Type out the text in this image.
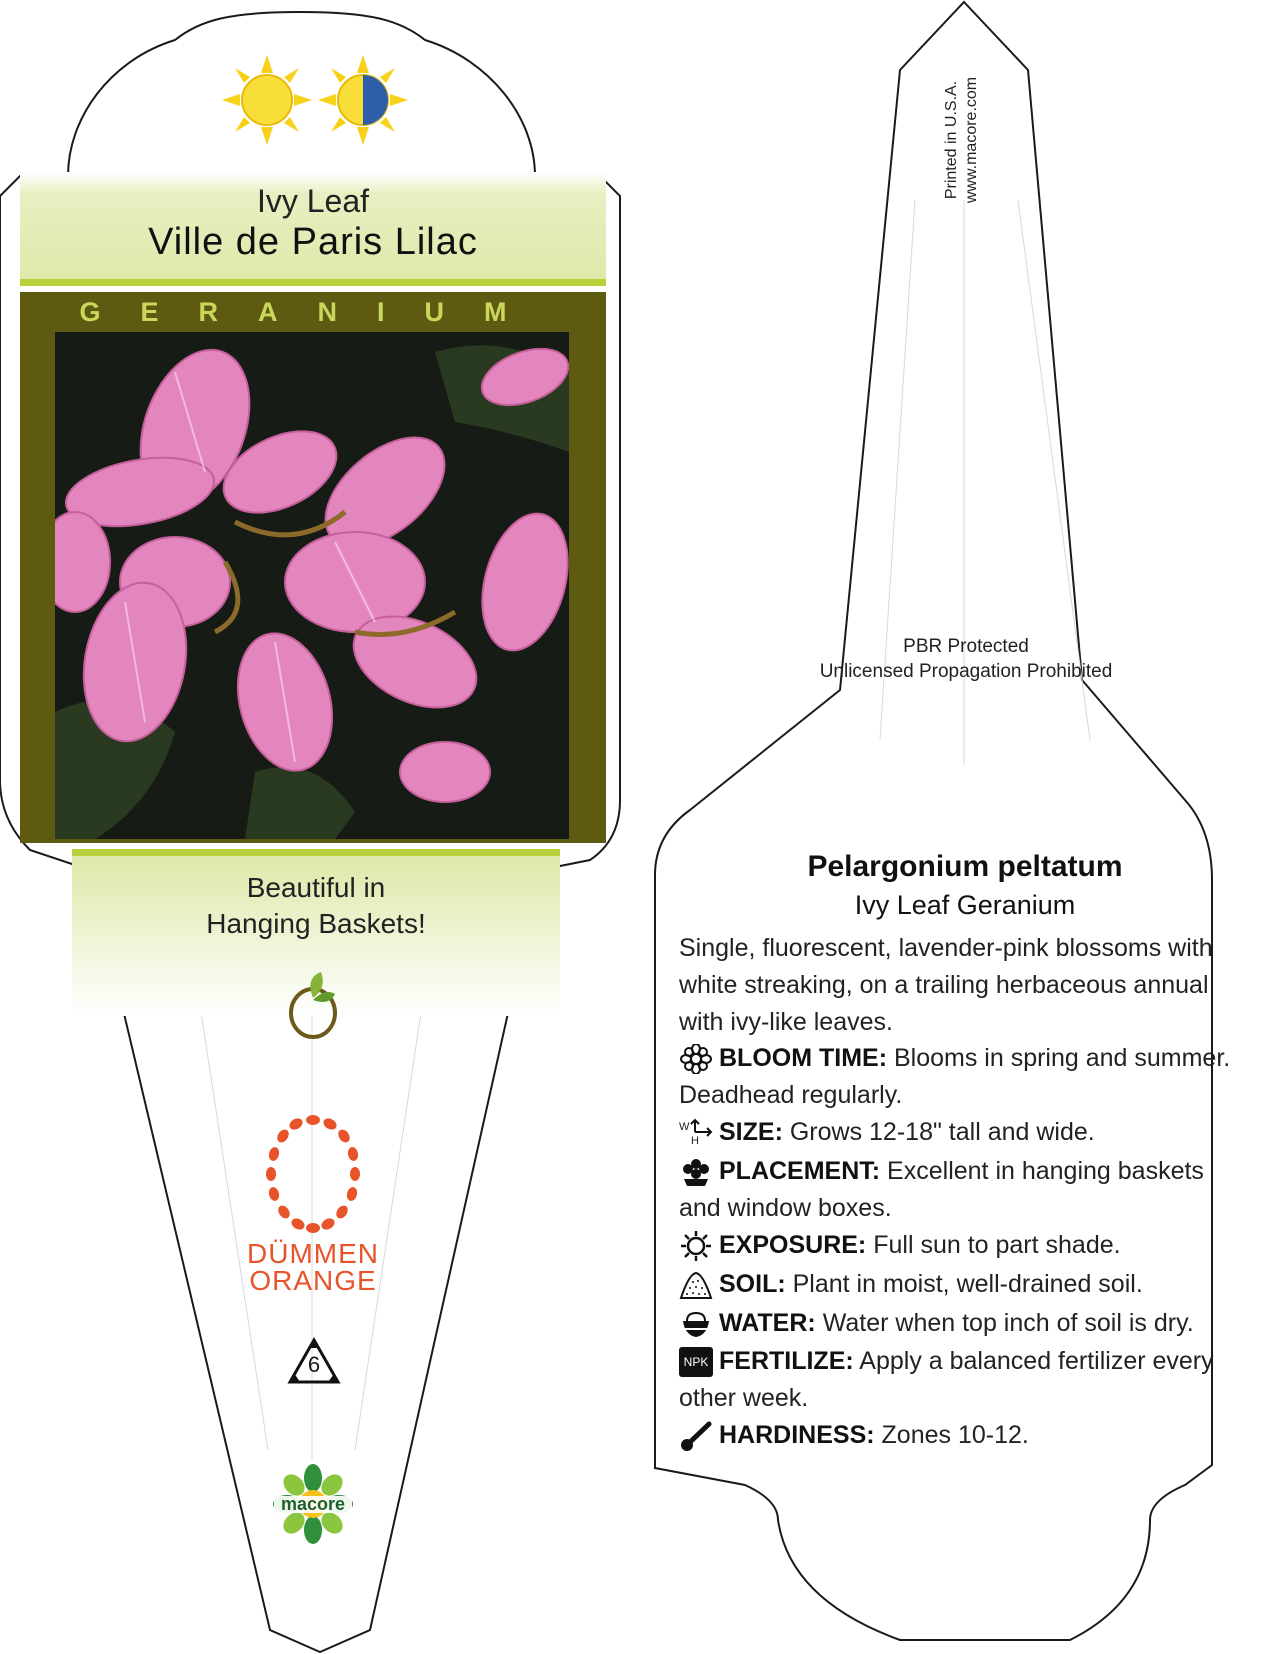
Ivy Leaf
Ville de Paris Lilac
GERANIUM
Beautiful in
Hanging Baskets!
DÜMMEN
ORANGE
6
macore
Printed in U.S.A. www.macore.com
PBR Protected
Unlicensed Propagation Prohibited
Pelargonium peltatum
Ivy Leaf Geranium
Single, fluorescent, lavender-pink blossoms with white streaking, on a trailing herbaceous annual with ivy-like leaves.
BLOOM TIME: Blooms in spring and summer. Deadhead regularly.
W
H SIZE: Grows 12-18" tall and wide.
PLACEMENT: Excellent in hanging baskets and window boxes.
EXPOSURE: Full sun to part shade.
SOIL: Plant in moist, well-drained soil.
WATER: Water when top inch of soil is dry.
NPK FERTILIZE: Apply a balanced fertilizer every other week.
HARDINESS: Zones 10-12.
